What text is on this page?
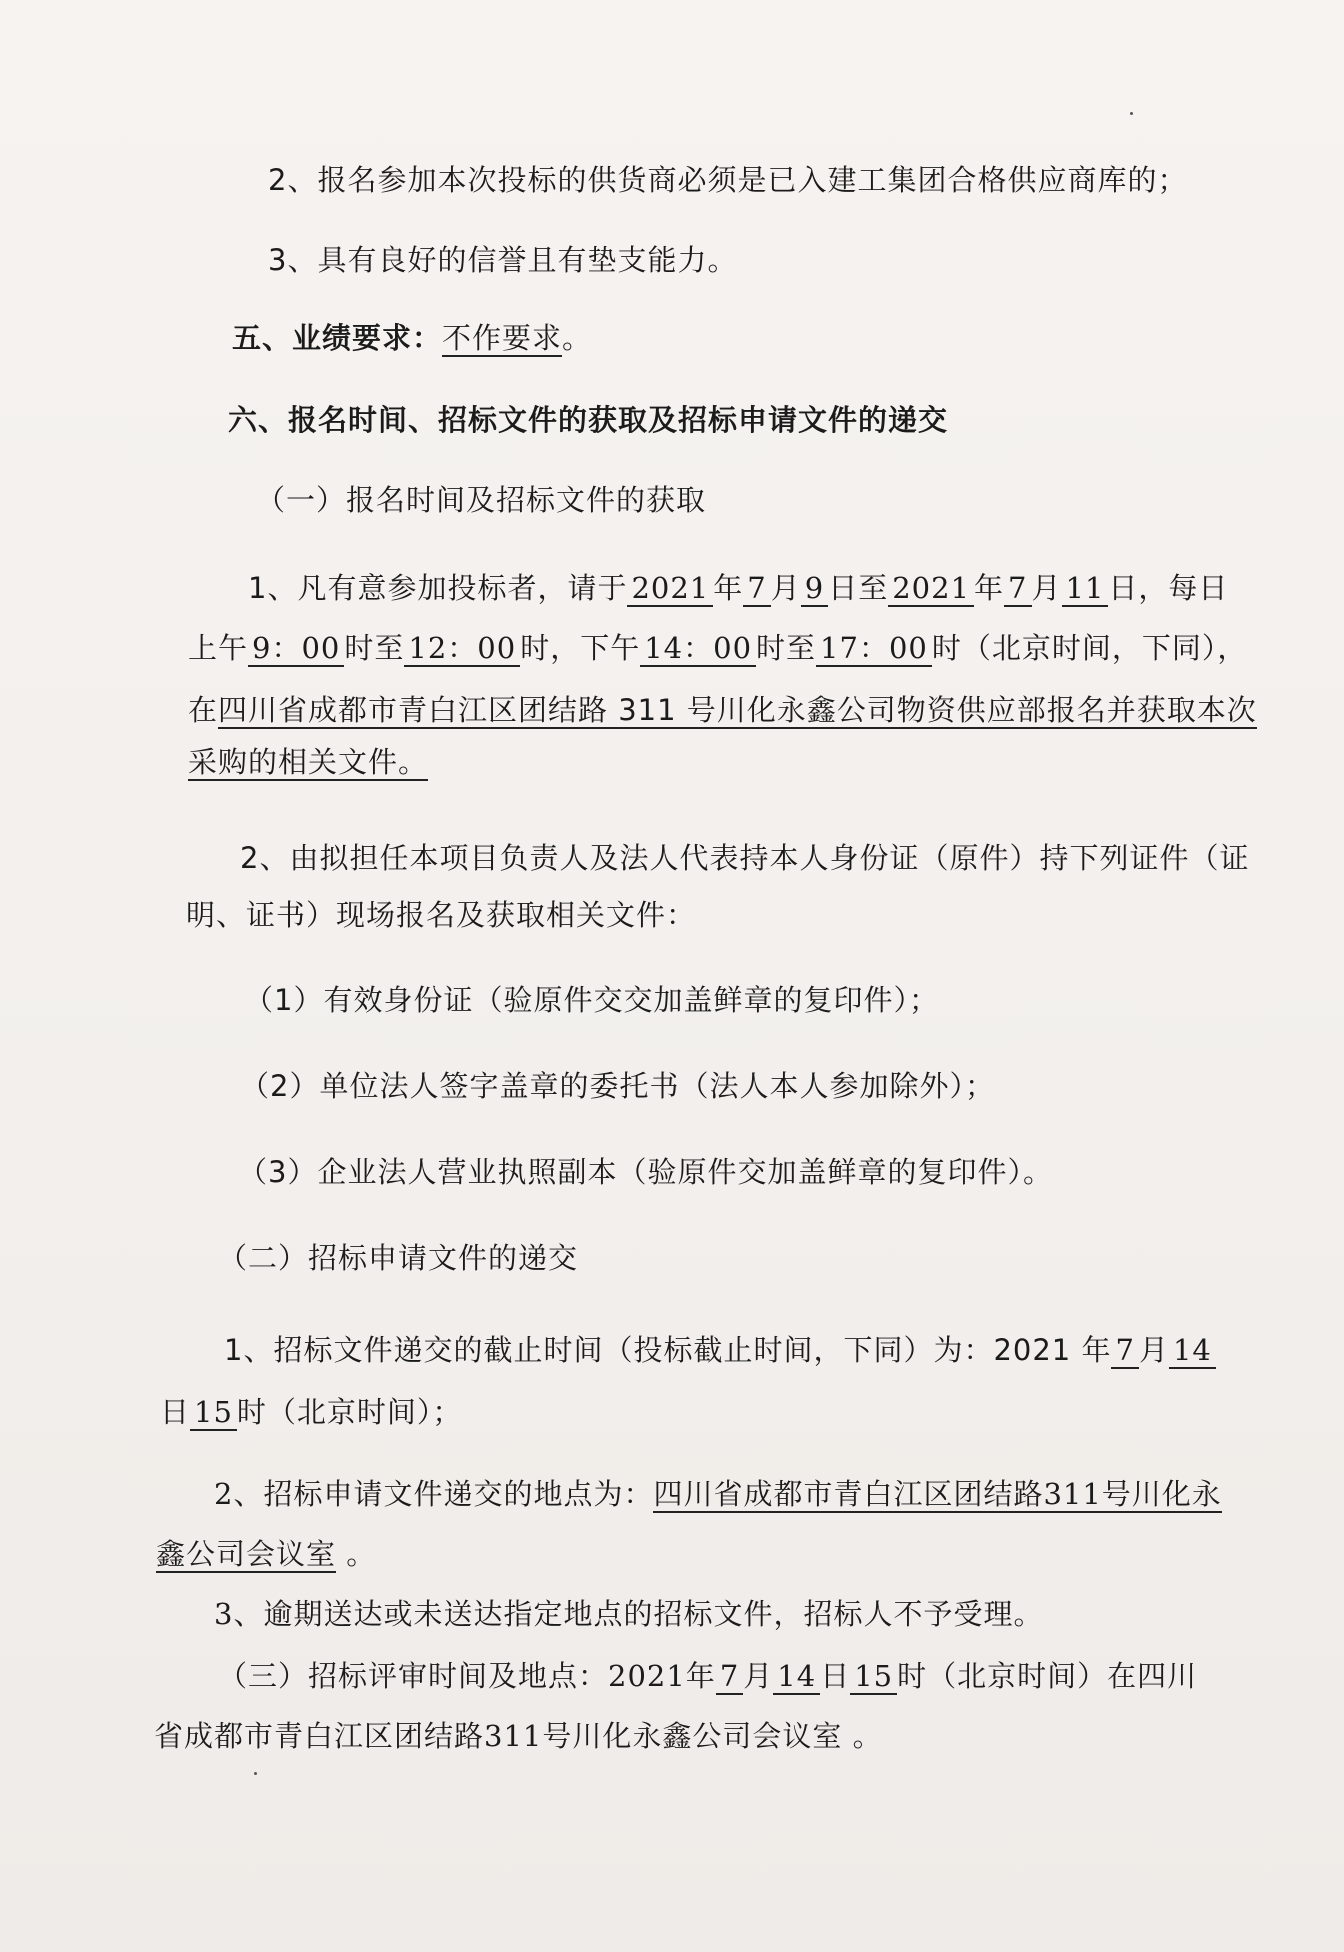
2、报名参加本次投标的供货商必须是已入建工集团合格供应商库的；
3、具有良好的信誉且有垫支能力。
五、业绩要求：不作要求。
六、报名时间、招标文件的获取及招标申请文件的递交
（一）报名时间及招标文件的获取
1、凡有意参加投标者，请于 2021 年 7 月 9 日至 2021 年 7 月 11 日，每日
上午 9：00 时至 12：00 时，下午 14：00 时至 17：00 时（北京时间，下同），
在四川省成都市青白江区团结路 311 号川化永鑫公司物资供应部报名并获取本次
采购的相关文件。
2、由拟担任本项目负责人及法人代表持本人身份证（原件）持下列证件（证
明、证书）现场报名及获取相关文件：
（1）有效身份证（验原件交交加盖鲜章的复印件）；
（2）单位法人签字盖章的委托书（法人本人参加除外）；
（3）企业法人营业执照副本（验原件交加盖鲜章的复印件）。
（二）招标申请文件的递交
1、招标文件递交的截止时间（投标截止时间，下同）为：2021 年 7 月 14
日 15 时（北京时间）；
2、招标申请文件递交的地点为：四川省成都市青白江区团结路311号川化永
鑫公司会议室 。
3、逾期送达或未送达指定地点的招标文件，招标人不予受理。
（三）招标评审时间及地点：2021年 7 月 14 日 15 时（北京时间）在四川
省成都市青白江区团结路311号川化永鑫公司会议室 。
